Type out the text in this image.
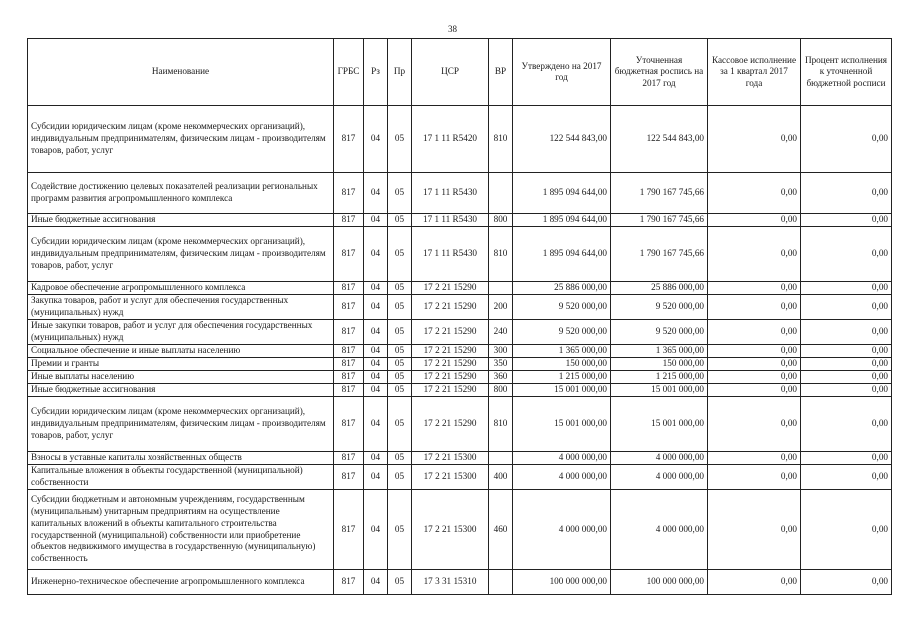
38
Наименование	ГРБС	Рз	Пр	ЦСР	ВР	Утверждено на 2017 год	Уточненная бюджетная роспись на 2017 год	Кассовое исполнение за 1 квартал 2017 года	Процент исполнения к уточненной бюджетной росписи
Субсидии юридическим лицам (кроме некоммерческих организаций), индивидуальным предпринимателям, физическим лицам - производителям товаров, работ, услуг	817	04	05	17 1 11 R5420	810	122 544 843,00	122 544 843,00	0,00	0,00
Содействие достижению целевых показателей реализации региональных программ развития агропромышленного комплекса	817	04	05	17 1 11 R5430		1 895 094 644,00	1 790 167 745,66	0,00	0,00
Иные бюджетные ассигнования	817	04	05	17 1 11 R5430	800	1 895 094 644,00	1 790 167 745,66	0,00	0,00
Субсидии юридическим лицам (кроме некоммерческих организаций), индивидуальным предпринимателям, физическим лицам - производителям товаров, работ, услуг	817	04	05	17 1 11 R5430	810	1 895 094 644,00	1 790 167 745,66	0,00	0,00
Кадровое обеспечение агропромышленного комплекса	817	04	05	17 2 21 15290		25 886 000,00	25 886 000,00	0,00	0,00
Закупка товаров, работ и услуг для обеспечения государственных (муниципальных) нужд	817	04	05	17 2 21 15290	200	9 520 000,00	9 520 000,00	0,00	0,00
Иные закупки товаров, работ и услуг для обеспечения государственных (муниципальных) нужд	817	04	05	17 2 21 15290	240	9 520 000,00	9 520 000,00	0,00	0,00
Социальное обеспечение и иные выплаты населению	817	04	05	17 2 21 15290	300	1 365 000,00	1 365 000,00	0,00	0,00
Премии и гранты	817	04	05	17 2 21 15290	350	150 000,00	150 000,00	0,00	0,00
Иные выплаты населению	817	04	05	17 2 21 15290	360	1 215 000,00	1 215 000,00	0,00	0,00
Иные бюджетные ассигнования	817	04	05	17 2 21 15290	800	15 001 000,00	15 001 000,00	0,00	0,00
Субсидии юридическим лицам (кроме некоммерческих организаций), индивидуальным предпринимателям, физическим лицам - производителям товаров, работ, услуг	817	04	05	17 2 21 15290	810	15 001 000,00	15 001 000,00	0,00	0,00
Взносы в уставные капиталы хозяйственных обществ	817	04	05	17 2 21 15300		4 000 000,00	4 000 000,00	0,00	0,00
Капитальные вложения в объекты государственной (муниципальной) собственности	817	04	05	17 2 21 15300	400	4 000 000,00	4 000 000,00	0,00	0,00
Субсидии бюджетным и автономным учреждениям, государственным (муниципальным) унитарным предприятиям на осуществление капитальных вложений в объекты капитального строительства государственной (муниципальной) собственности или приобретение объектов недвижимого имущества в государственную (муниципальную) собственность	817	04	05	17 2 21 15300	460	4 000 000,00	4 000 000,00	0,00	0,00
Инженерно-техническое обеспечение агропромышленного комплекса	817	04	05	17 3 31 15310		100 000 000,00	100 000 000,00	0,00	0,00
